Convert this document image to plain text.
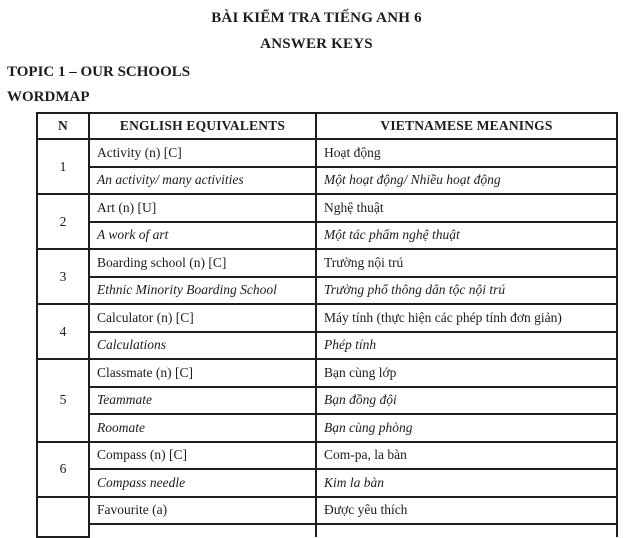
BÀI KIỂM TRA TIẾNG ANH 6
ANSWER KEYS
TOPIC 1 – OUR SCHOOLS
WORDMAP
N	ENGLISH EQUIVALENTS	VIETNAMESE MEANINGS
1	Activity (n) [C]	Hoạt động
	An activity/ many activities	Một hoạt động/ Nhiều hoạt động
2	Art (n) [U]	Nghệ thuật
	A work of art	Một tác phẩm nghệ thuật
3	Boarding school (n) [C]	Trường nội trú
	Ethnic Minority Boarding School	Trường phổ thông dân tộc nội trú
4	Calculator (n) [C]	Máy tính (thực hiện các phép tính đơn giản)
	Calculations	Phép tính
5	Classmate (n) [C]	Bạn cùng lớp
	Teammate	Bạn đồng đội
	Roomate	Bạn cùng phòng
6	Compass (n) [C]	Com-pa, la bàn
	Compass needle	Kim la bàn
	Favourite (a)	Được yêu thích
